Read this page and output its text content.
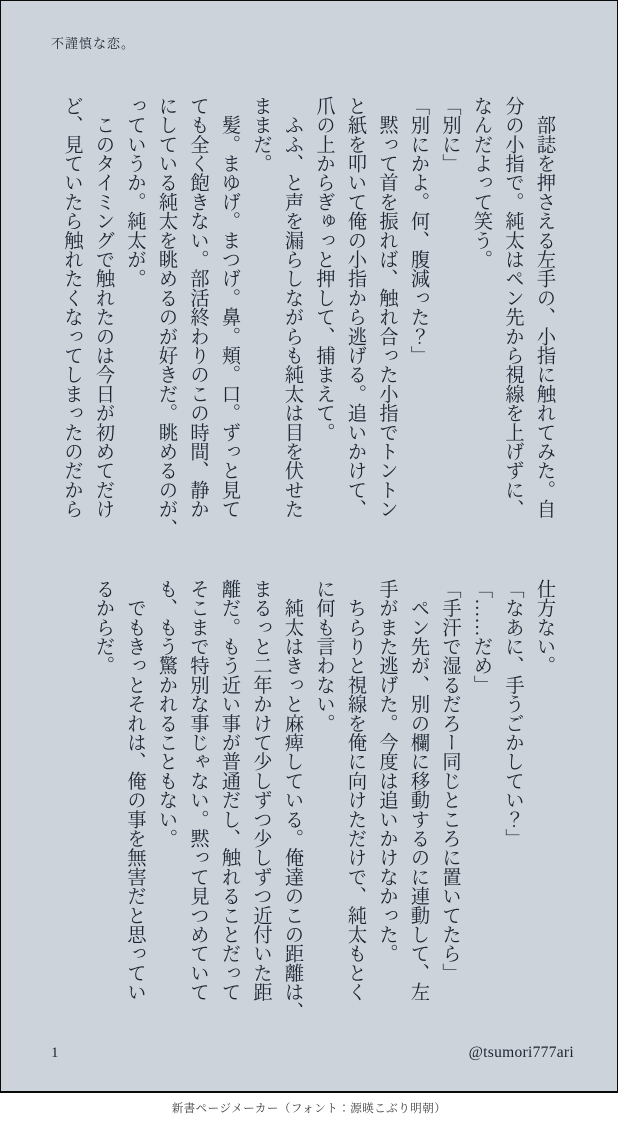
不謹慎な恋。
　部誌を押さえる左手の、小指に触れてみた。自
分の小指で。純太はペン先から視線を上げずに、
なんだよって笑う。
「別に」
「別にかよ。何、腹減った？」
　黙って首を振れば、触れ合った小指でトントン
と紙を叩いて俺の小指から逃げる。追いかけて、
爪の上からぎゅっと押して、捕まえて。
　ふふ、と声を漏らしながらも純太は目を伏せた
ままだ。
　髪。まゆげ。まつげ。鼻。頬。口。ずっと見て
ても全く飽きない。部活終わりのこの時間、静か
にしている純太を眺めるのが好きだ。眺めるのが、
っていうか。純太が。
　このタイミングで触れたのは今日が初めてだけ
ど、見ていたら触れたくなってしまったのだから
仕方ない。
「なあに、手うごかしてい？」
「……だめ」
「手汗で湿るだろー同じところに置いてたら」
　ペン先が、別の欄に移動するのに連動して、左
手がまた逃げた。今度は追いかけなかった。
　ちらりと視線を俺に向けただけで、純太もとく
に何も言わない。
　純太はきっと麻痺している。俺達のこの距離は、
まるっと二年かけて少しずつ少しずつ近付いた距
離だ。もう近い事が普通だし、触れることだって
そこまで特別な事じゃない。黙って見つめていて
も、もう驚かれることもない。
　でもきっとそれは、俺の事を無害だと思ってい
るからだ。
1	@tsumori777ari
新書ページメーカー（フォント：源暎こぶり明朝）
